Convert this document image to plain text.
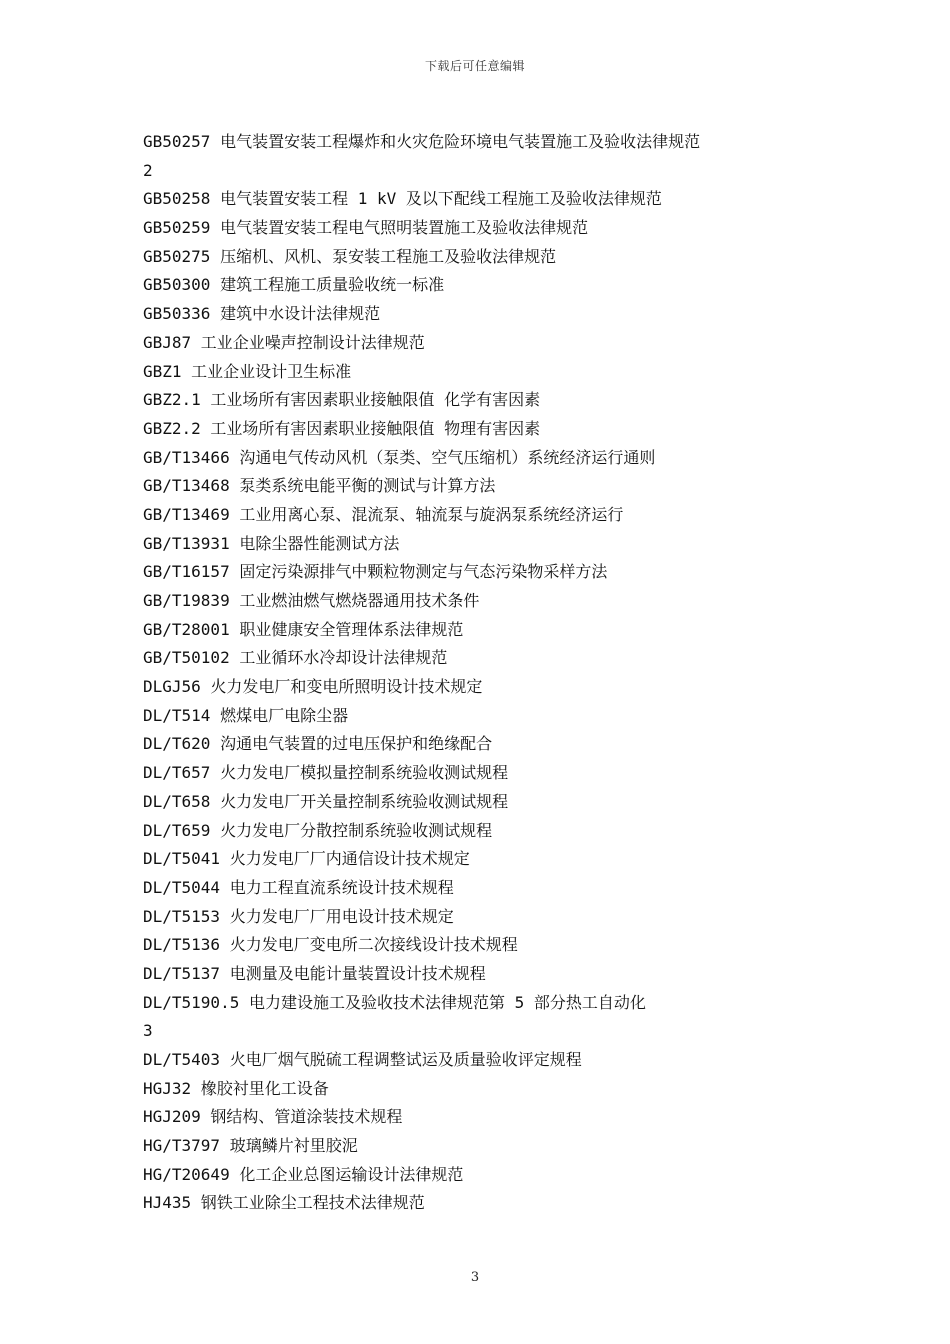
下载后可任意编辑
GB50257 电气装置安装工程爆炸和火灾危险环境电气装置施工及验收法律规范
2
GB50258 电气装置安装工程 1 kV 及以下配线工程施工及验收法律规范
GB50259 电气装置安装工程电气照明装置施工及验收法律规范
GB50275 压缩机、风机、泵安装工程施工及验收法律规范
GB50300 建筑工程施工质量验收统一标准
GB50336 建筑中水设计法律规范
GBJ87 工业企业噪声控制设计法律规范
GBZ1 工业企业设计卫生标准
GBZ2.1 工业场所有害因素职业接触限值 化学有害因素
GBZ2.2 工业场所有害因素职业接触限值 物理有害因素
GB/T13466 沟通电气传动风机（泵类、空气压缩机）系统经济运行通则
GB/T13468 泵类系统电能平衡的测试与计算方法
GB/T13469 工业用离心泵、混流泵、轴流泵与旋涡泵系统经济运行
GB/T13931 电除尘器性能测试方法
GB/T16157 固定污染源排气中颗粒物测定与气态污染物采样方法
GB/T19839 工业燃油燃气燃烧器通用技术条件
GB/T28001 职业健康安全管理体系法律规范
GB/T50102 工业循环水冷却设计法律规范
DLGJ56 火力发电厂和变电所照明设计技术规定
DL/T514 燃煤电厂电除尘器
DL/T620 沟通电气装置的过电压保护和绝缘配合
DL/T657 火力发电厂模拟量控制系统验收测试规程
DL/T658 火力发电厂开关量控制系统验收测试规程
DL/T659 火力发电厂分散控制系统验收测试规程
DL/T5041 火力发电厂厂内通信设计技术规定
DL/T5044 电力工程直流系统设计技术规程
DL/T5153 火力发电厂厂用电设计技术规定
DL/T5136 火力发电厂变电所二次接线设计技术规程
DL/T5137 电测量及电能计量装置设计技术规程
DL/T5190.5 电力建设施工及验收技术法律规范第 5 部分热工自动化
3
DL/T5403 火电厂烟气脱硫工程调整试运及质量验收评定规程
HGJ32 橡胶衬里化工设备
HGJ209 钢结构、管道涂装技术规程
HG/T3797 玻璃鳞片衬里胶泥
HG/T20649 化工企业总图运输设计法律规范
HJ435 钢铁工业除尘工程技术法律规范
3
